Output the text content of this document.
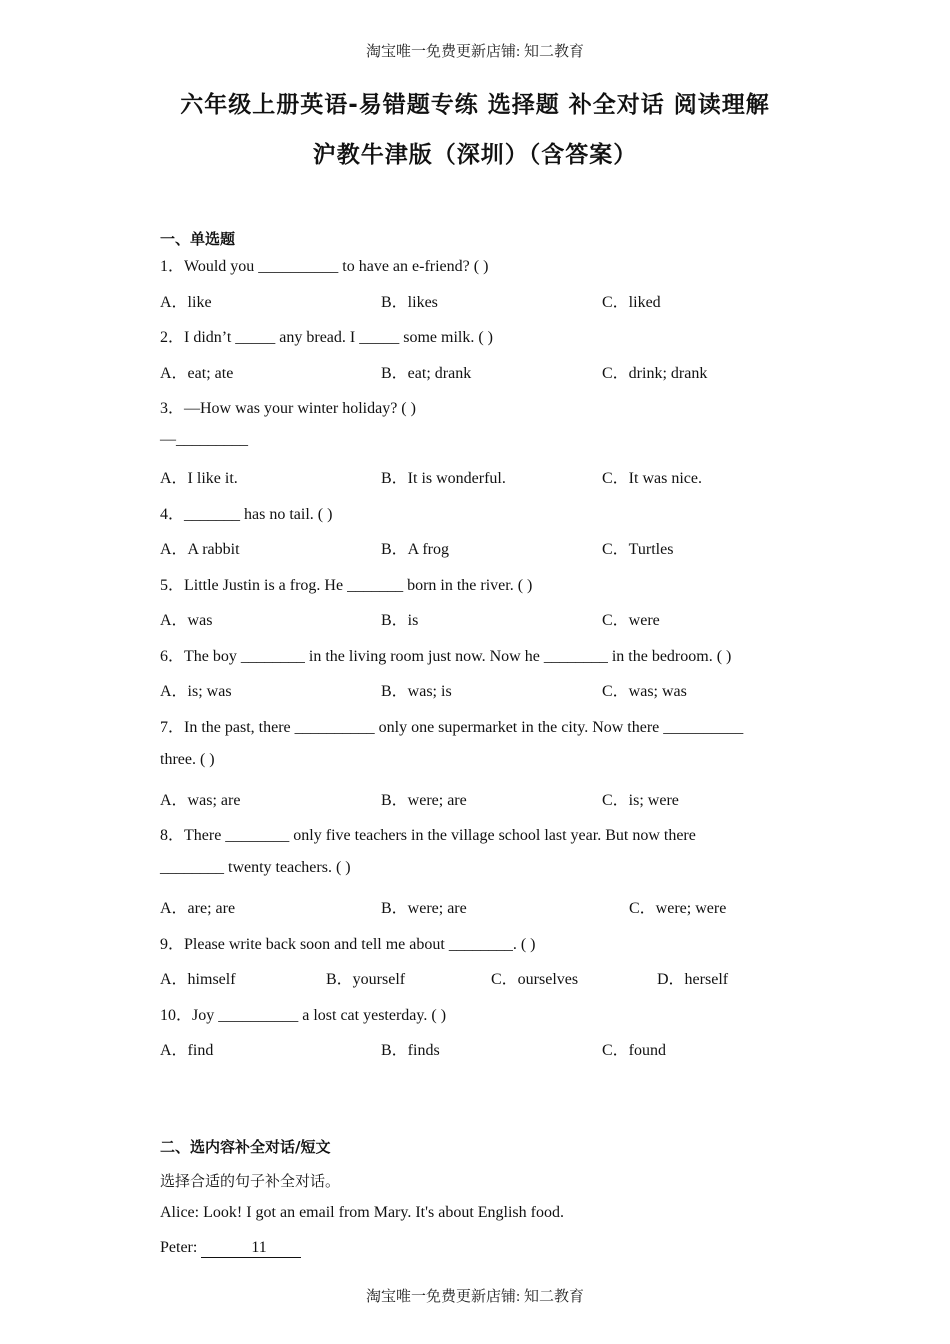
淘宝唯一免费更新店铺: 知二教育
六年级上册英语-易错题专练 选择题 补全对话 阅读理解
沪教牛津版（深圳）（含答案）
一、单选题
1．Would you __________ to have an e-friend? ( )
A．like	B．likes	C．liked
2．I didn’t _____ any bread. I _____ some milk. ( )
A．eat; ate	B．eat; drank	C．drink; drank
3．—How was your winter holiday? ( )
—_________
A．I like it.	B．It is wonderful.	C．It was nice.
4．_______ has no tail. ( )
A．A rabbit	B．A frog	C．Turtles
5．Little Justin is a frog. He _______ born in the river. ( )
A．was	B．is	C．were
6．The boy ________ in the living room just now. Now he ________ in the bedroom. ( )
A．is; was	B．was; is	C．was; was
7．In the past, there __________ only one supermarket in the city. Now there __________
three. ( )
A．was; are	B．were; are	C．is; were
8．There ________ only five teachers in the village school last year. But now there
________ twenty teachers. ( )
A．are; are	B．were; are	C．were; were
9．Please write back soon and tell me about ________. ( )
A．himself	B．yourself	C．ourselves	D．herself
10．Joy __________ a lost cat yesterday. ( )
A．find	B．finds	C．found
二、选内容补全对话/短文
选择合适的句子补全对话。
Alice: Look! I got an email from Mary. It's about English food.
Peter:	11
淘宝唯一免费更新店铺: 知二教育
